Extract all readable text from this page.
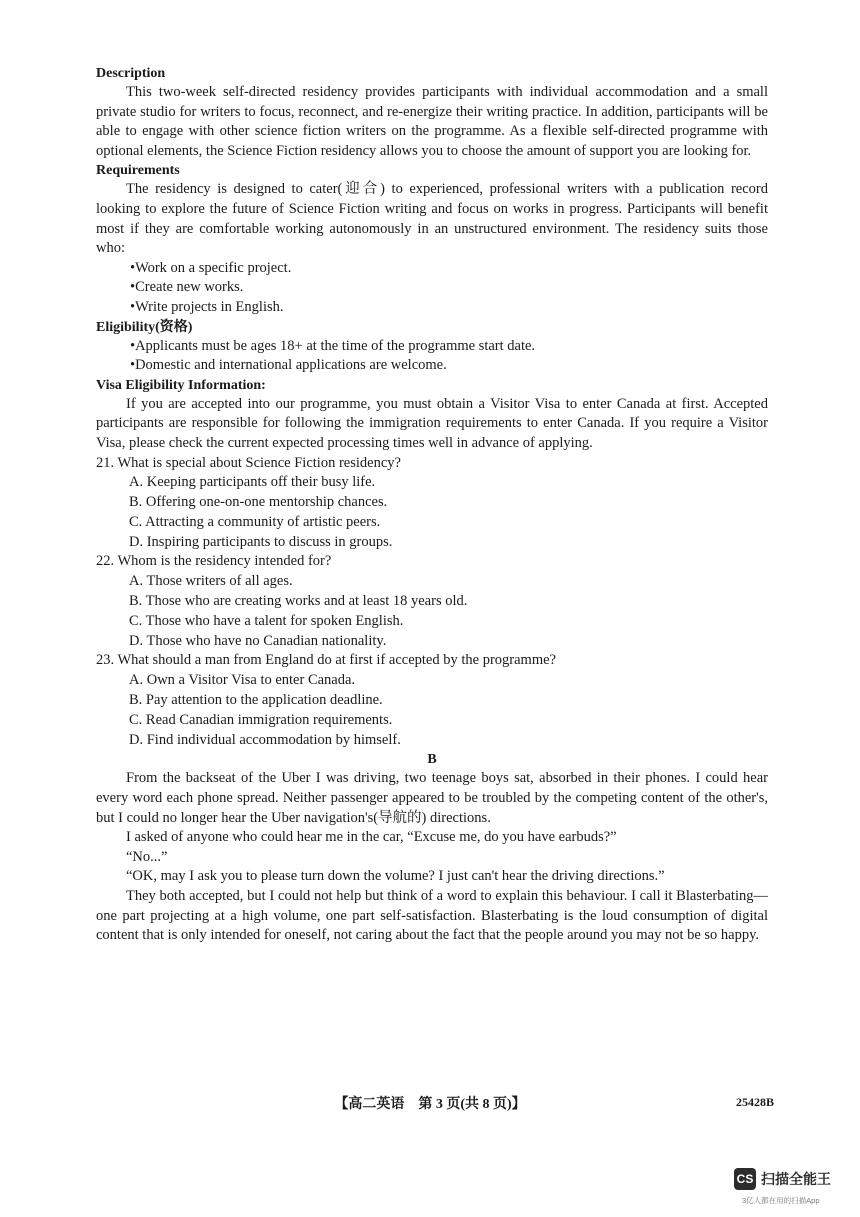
Description

This two-week self-directed residency provides participants with individual accommodation and a small private studio for writers to focus, reconnect, and re-energize their writing practice. In addition, participants will be able to engage with other science fiction writers on the programme. As a flexible self-directed programme with optional elements, the Science Fiction residency allows you to choose the amount of support you are looking for.

Requirements

The residency is designed to cater(迎合) to experienced, professional writers with a publication record looking to explore the future of Science Fiction writing and focus on works in progress. Participants will benefit most if they are comfortable working autonomously in an unstructured environment. The residency suits those who:

• Work on a specific project.

• Create new works.

• Write projects in English.

Eligibility(资格)

• Applicants must be ages 18+ at the time of the programme start date.

• Domestic and international applications are welcome.

Visa Eligibility Information:

If you are accepted into our programme, you must obtain a Visitor Visa to enter Canada at first. Accepted participants are responsible for following the immigration requirements to enter Canada. If you require a Visitor Visa, please check the current expected processing times well in advance of applying.

21. What is special about Science Fiction residency?

A. Keeping participants off their busy life.

B. Offering one-on-one mentorship chances.

C. Attracting a community of artistic peers.

D. Inspiring participants to discuss in groups.

22. Whom is the residency intended for?

A. Those writers of all ages.

B. Those who are creating works and at least 18 years old.

C. Those who have a talent for spoken English.

D. Those who have no Canadian nationality.

23. What should a man from England do at first if accepted by the programme?

A. Own a Visitor Visa to enter Canada.

B. Pay attention to the application deadline.

C. Read Canadian immigration requirements.

D. Find individual accommodation by himself.

B

From the backseat of the Uber I was driving, two teenage boys sat, absorbed in their phones. I could hear every word each phone spread. Neither passenger appeared to be troubled by the competing content of the other's, but I could no longer hear the Uber navigation's(导航的) directions.

I asked of anyone who could hear me in the car, “Excuse me, do you have earbuds?”

“No...”

“OK, may I ask you to please turn down the volume? I just can't hear the driving directions.”

They both accepted, but I could not help but think of a word to explain this behaviour. I call it Blasterbating—one part projecting at a high volume, one part self-satisfaction. Blasterbating is the loud consumption of digital content that is only intended for oneself, not caring about the fact that the people around you may not be so happy.

【高二英语　第 3 页(共 8 页)】	25428B
CS 扫描全能王
3亿人都在用的扫描App
